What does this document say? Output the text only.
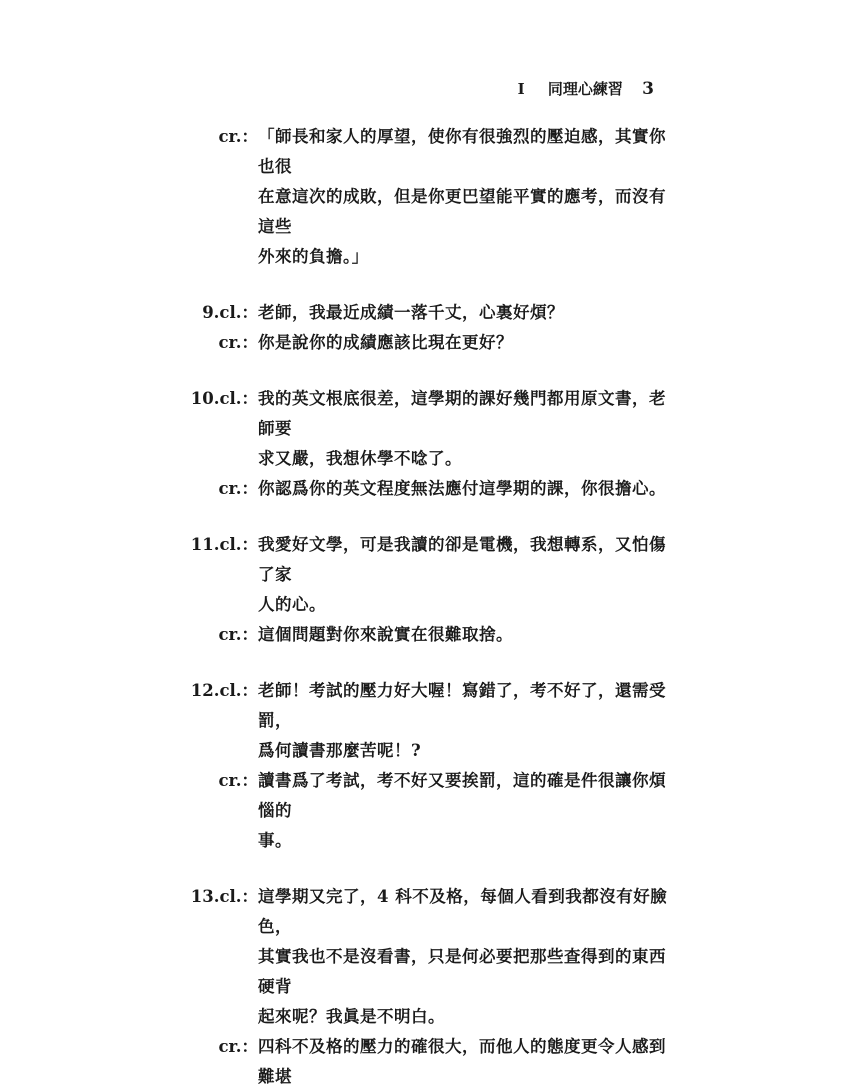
I 同理心練習 3
cr.： 「師長和家人的厚望，使你有很強烈的壓迫感，其實你也很
在意這次的成敗，但是你更巴望能平實的應考，而沒有這些
外來的負擔。」
9.cl.： 老師，我最近成績一落千丈，心裏好煩？
cr.： 你是說你的成績應該比現在更好？
10.cl.： 我的英文根底很差，這學期的課好幾門都用原文書，老師要
求又嚴，我想休學不唸了。
cr.： 你認爲你的英文程度無法應付這學期的課，你很擔心。
11.cl.： 我愛好文學，可是我讀的卻是電機，我想轉系，又怕傷了家
人的心。
cr.： 這個問題對你來說實在很難取捨。
12.cl.： 老師！考試的壓力好大喔！寫錯了，考不好了，還需受罰，
爲何讀書那麼苦呢！?
cr.： 讀書爲了考試，考不好又要挨罰，這的確是件很讓你煩惱的
事。
13.cl.： 這學期又完了，4 科不及格，每個人看到我都沒有好臉色，
其實我也不是沒看書，只是何必要把那些查得到的東西硬背
起來呢？我眞是不明白。
cr.： 四科不及格的壓力的確很大，而他人的態度更令人感到難堪
